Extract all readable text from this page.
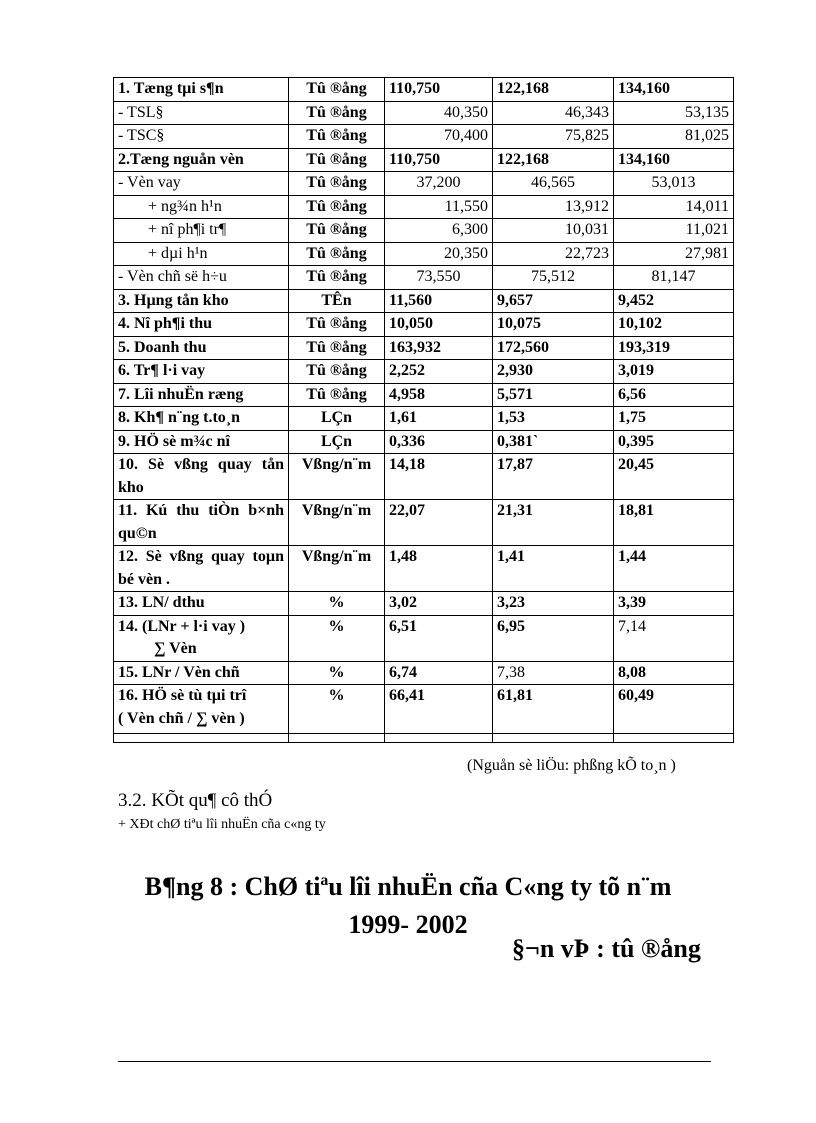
1. Tæng tµi s¶n	Tû ®ång	110,750	122,168	134,160
- TSL§	Tû ®ång	40,350	46,343	53,135
- TSC§	Tû ®ång	70,400	75,825	81,025
2.Tæng nguån vèn	Tû ®ång	110,750	122,168	134,160
- Vèn vay	Tû ®ång	37,200	46,565	53,013
+ ng¾n h¹n	Tû ®ång	11,550	13,912	14,011
+ nî ph¶i tr¶	Tû ®ång	6,300	10,031	11,021
+ dµi h¹n	Tû ®ång	20,350	22,723	27,981
- Vèn chñ së h÷u	Tû ®ång	73,550	75,512	81,147
3. Hµng tån kho	TÊn	11,560	9,657	9,452
4. Nî ph¶i thu	Tû ®ång	10,050	10,075	10,102
5. Doanh thu	Tû ®ång	163,932	172,560	193,319
6. Tr¶ l·i vay	Tû ®ång	2,252	2,930	3,019
7. Lîi nhuËn ræng	Tû ®ång	4,958	5,571	6,56
8. Kh¶ n¨ng t.to¸n	LÇn	1,61	1,53	1,75
9. HÖ sè m¾c nî	LÇn	0,336	0,381`	0,395
10. Sè vßng quay tån kho	Vßng/n¨m	14,18	17,87	20,45
11. Kú thu tiÒn b×nh qu©n	Vßng/n¨m	22,07	21,31	18,81
12. Sè vßng quay toµn bé vèn .	Vßng/n¨m	1,48	1,41	1,44
13. LN/ dthu	%	3,02	3,23	3,39

14. (LNr + l·i vay )
∑ Vèn	%	6,51	6,95	7,14
15. LNr / Vèn chñ	%	6,74	7,38	8,08

16. HÖ sè tù tµi trî
( Vèn chñ / ∑ vèn )	%	66,41	61,81	60,49

(Nguån sè liÖu: phßng kÕ to¸n )
3.2. KÕt qu¶ cô thÓ
+ XÐt chØ tiªu lîi nhuËn cña c«ng ty
B¶ng 8 : ChØ tiªu lîi nhuËn cña C«ng ty tõ n¨m
1999- 2002
§¬n vÞ : tû ®ång
